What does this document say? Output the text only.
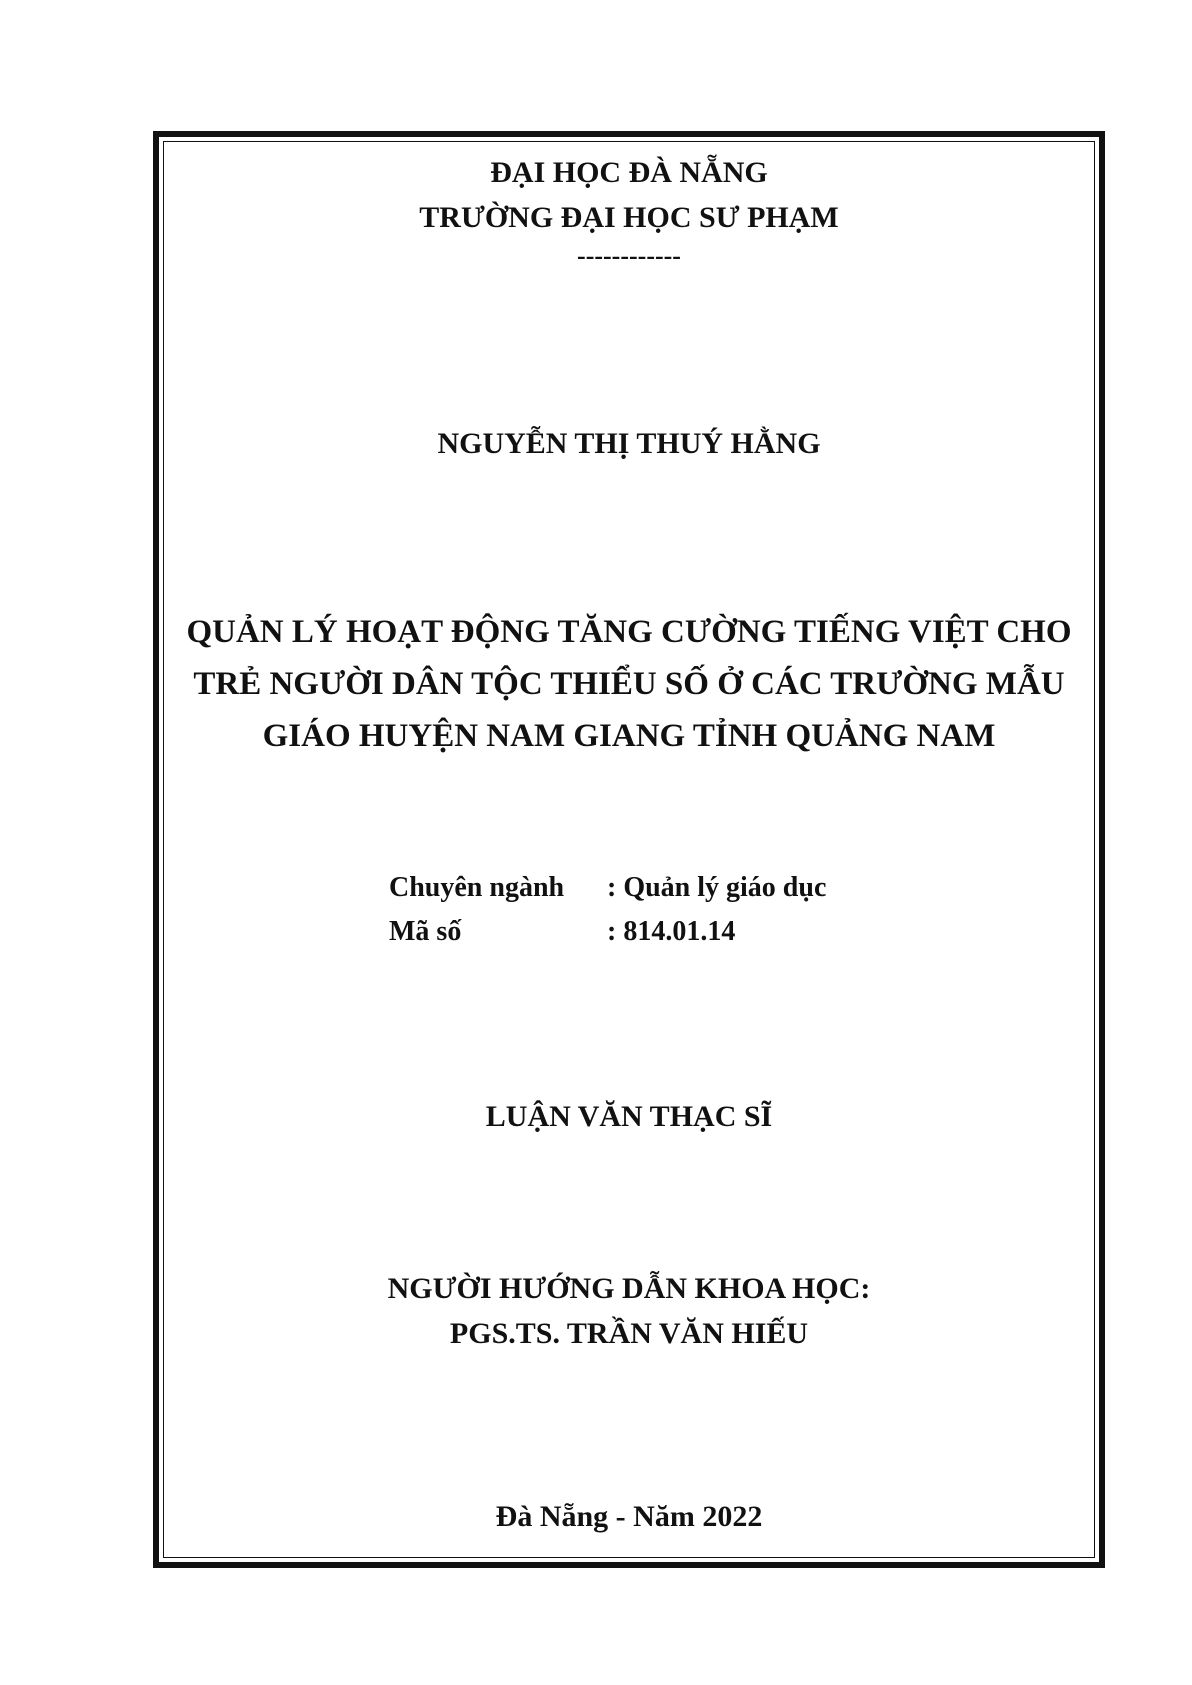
ĐẠI HỌC ĐÀ NẴNG
TRƯỜNG ĐẠI HỌC SƯ PHẠM
------------
NGUYỄN THỊ THUÝ HẰNG
QUẢN LÝ HOẠT ĐỘNG TĂNG CƯỜNG TIẾNG VIỆT CHO
TRẺ NGƯỜI DÂN TỘC THIỂU SỐ Ở CÁC TRƯỜNG MẪU
GIÁO HUYỆN NAM GIANG TỈNH QUẢNG NAM
Chuyên ngành	: Quản lý giáo dục
Mã số	: 814.01.14
LUẬN VĂN THẠC SĨ
NGƯỜI HƯỚNG DẪN KHOA HỌC:
PGS.TS. TRẦN VĂN HIẾU
Đà Nẵng - Năm 2022
